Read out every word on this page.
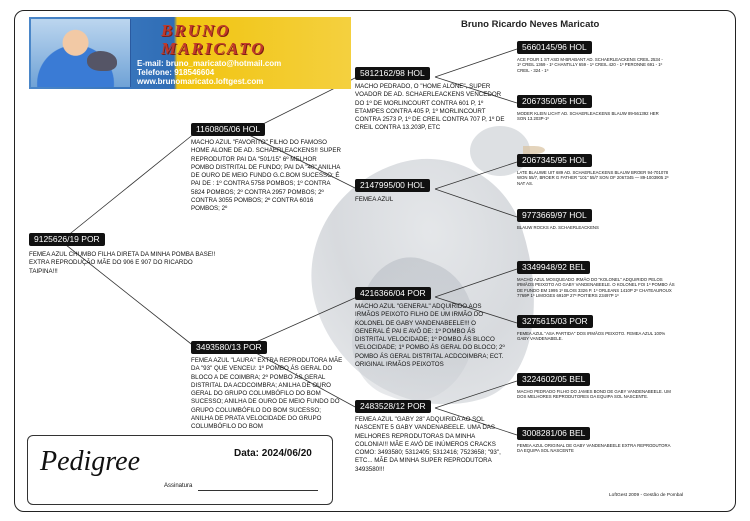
BRUNO
MARICATO
E-mail: bruno_maricato@hotmail.com
Telefone: 918546604
www.brunomaricato.loftgest.com
Bruno Ricardo Neves Maricato
9125626/19 POR
FEMEA AZUL CHUMBO FILHA DIRETA DA MINHA POMBA BASE!! EXTRA REPRODUÇÃO MÃE DO 906 E 907 DO RICARDO TAIPINA!!!
1160805/06 HOL
MACHO AZUL "FAVORITO" FILHO DO FAMOSO HOME ALONE DE AD. SCHAERLEACKENS!! SUPER REPRODUTOR PAI DA "501/15" 6º MELHOR POMBO DISTRITAL DE FUNDO; PAI DA "40" ANILHA DE OURO DE MEIO FUNDO G.C.BOM SUCESSO; É PAI DE : 1º CONTRA 5758 POMBOS; 1º CONTRA 5824 POMBOS; 2º CONTRA 2957 POMBOS; 2º CONTRA 3055 POMBOS; 2º CONTRA 6016 POMBOS; 2º
3493580/13 POR
FEMEA AZUL "LAURA" EXTRA REPRODUTORA MÃE DA "93" QUE VENCEU: 1º POMBO ÁS GERAL DO BLOCO A DE COIMBRA; 2º POMBO ÁS GERAL DISTRITAL DA ACDCOIMBRA; ANILHA DE OURO GERAL DO GRUPO COLUMBÓFILO DO BOM SUCESSO; ANILHA DE OURO DE MEIO FUNDO DO GRUPO COLUMBÓFILO DO BOM SUCESSO; ANILHA DE PRATA VELOCIDADE DO GRUPO COLUMBÓFILO DO BOM
5812162/98 HOL
MACHO PEDRADO, O "HOME ALONE", SUPER VOADOR DE AD. SCHAERLEACKENS VENCEDOR DO 1º DE MORLINCOURT CONTRA 601 P, 1º ETAMPES CONTRA 405 P, 1º MORLINCOURT CONTRA 2573 P, 1º DE CREIL CONTRA 707 P, 1º DE CREIL CONTRA 13.203P, ETC
2147995/00 HOL
FEMEA AZUL
4216366/04 POR
MACHO AZUL "GENERAL" ADQUIRIDO AOS IRMÃOS PEIXOTO FILHO DE UM IRMÃO DO KOLONEL DE GABY VANDENABEELE!!! O GENERAL É PAI E AVÔ DE: 1º POMBO ÁS DISTRITAL VELOCIDADE; 1º POMBO ÁS BLOCO VELOCIDADE; 1º POMBO ÁS GERAL DO BLOCO; 2º POMBO ÁS GERAL DISTRITAL ACDCOIMBRA; ECT. ORIGINAL IRMÃOS PEIXOTOS
2483528/12 POR
FEMEA AZUL "GABY 28" ADQUIRIDA AO SOL NASCENTE 5 GABY VANDENABEELE. UMA DAS MELHORES REPRODUTORAS DA MINHA COLONIA!!! MÃE E AVÓ DE INÚMEROS CRACKS COMO: 3493580; 5312405; 5312416; 7523658; "93", ETC... MÃE DA MINHA SUPER REPRODUTORA 3493580!!!
5660145/96 HOL
ACE FOUR 1 ST ASD M-BRABANT AD. SCHAERLEACKENS CREIL 2534 - 1º CREIL 1369 - 1º CHANTILLY 659 - 1º CREIL 420 - 1º PERONNE 691 - 1º CREIL - 324 - 1º
2067350/95 HOL
MODER KLEIN LICHT AD. SCHAERLEACKENS BLAUW 89-561392 HER SON 13.203P-1º
2067345/95 HOL
LATE BLAUWE UIT 689 AD. SCHAERLEACKENS BLAUW BROER 94-701078 WON 55/7, BROER G FATHER "101" 55/7 SON OF 2067345 — 89-1003905 2º NAT AS.
9773669/97 HOL
BLAUW ROCKS AD. SCHAERLEACKENS
3349948/92 BEL
MACHO AZUL MOSQUEADO IRMÃO DO "KOLONEL" ADQUIRIDO PELOS IRMÃOS PEIXOTO AO GABY VANDENABEELE. O KOLONEL FOI 1º POMBO ÁS DE FUNDO EM 1995 1º BLOIS 3326 P. 1º ORLEANS 1410P 2º CHATEAUROUX 7769P 1º LIMOGES 6910P 27º POITIERS 23497P 1º
3275615/03 POR
FEMEA AZUL "ASA PARTIDA" DOS IRMÃOS PEIXOTO. FEMEA AZUL 100% GABY VANDENABELE.
3224602/05 BEL
MACHO PEDRADO FILHO DO JAMES BOND DE GABY VANDENABEELE. UM DOS MELHORES REPRODUTORES DA EQUIPA SOL NASCENTE.
3008281/06 BEL
FEMEA AZUL ORIGINAL DE GABY VANDENABEELE EXTRA REPRODUTORA DA EQUIPA SOL NASCENTE
Pedigree	Data: 2024/06/20
Assinatura
LoftGest 2009 - Gestão de Pombal
